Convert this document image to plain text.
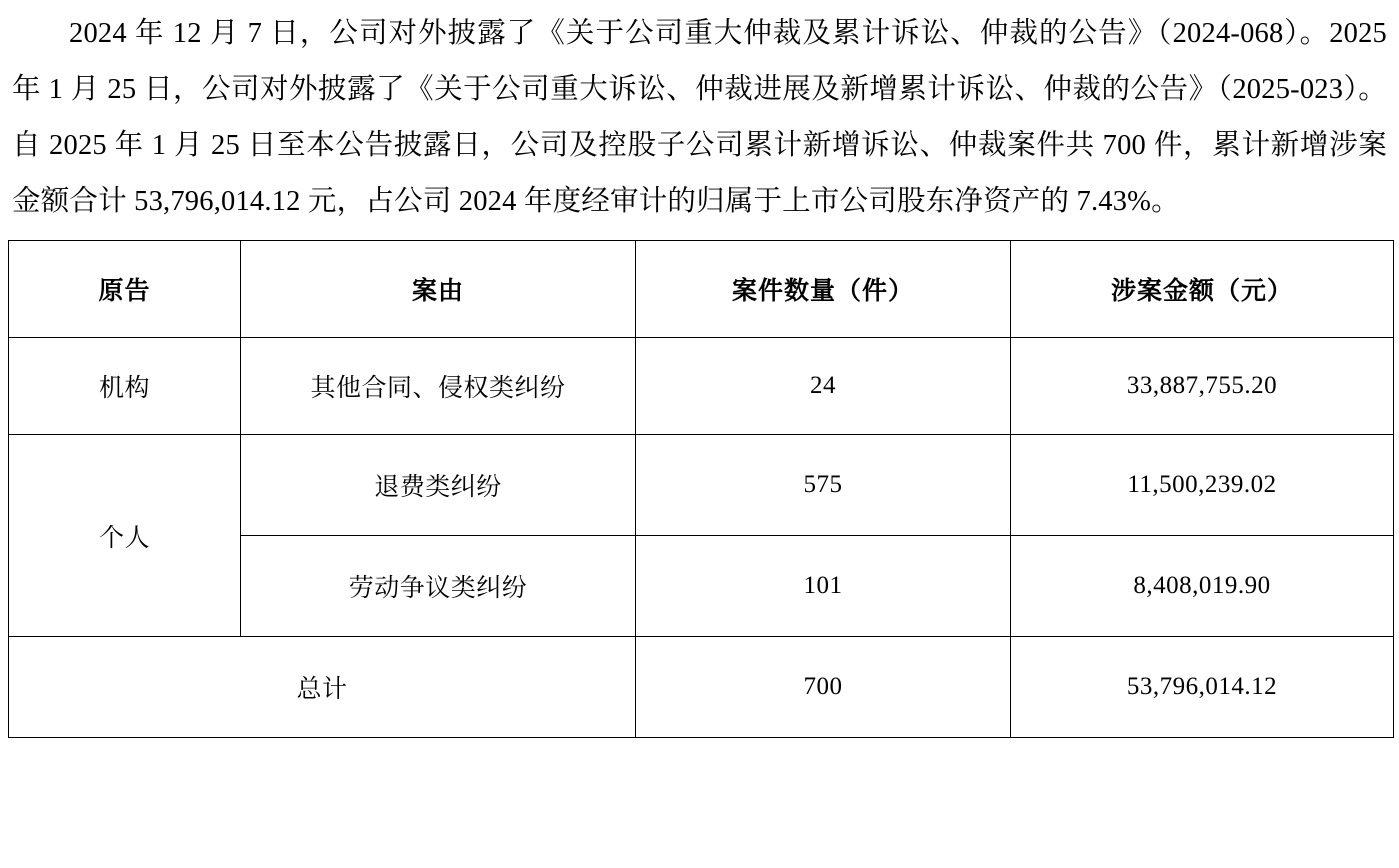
2024 年 12 月 7 日，公司对外披露了《关于公司重大仲裁及累计诉讼、仲裁的公告》（2024-068）。2025 年 1 月 25 日，公司对外披露了《关于公司重大诉讼、仲裁进展及新增累计诉讼、仲裁的公告》（2025-023）。自 2025 年 1 月 25 日至本公告披露日，公司及控股子公司累计新增诉讼、仲裁案件共 700 件，累计新增涉案金额合计 53,796,014.12 元，占公司 2024 年度经审计的归属于上市公司股东净资产的 7.43%。

原告	案由	案件数量（件）	涉案金额（元）
机构	其他合同、侵权类纠纷	24	33,887,755.20
个人	退费类纠纷	575	11,500,239.02
	劳动争议类纠纷	101	8,408,019.90
总计		700	53,796,014.12
